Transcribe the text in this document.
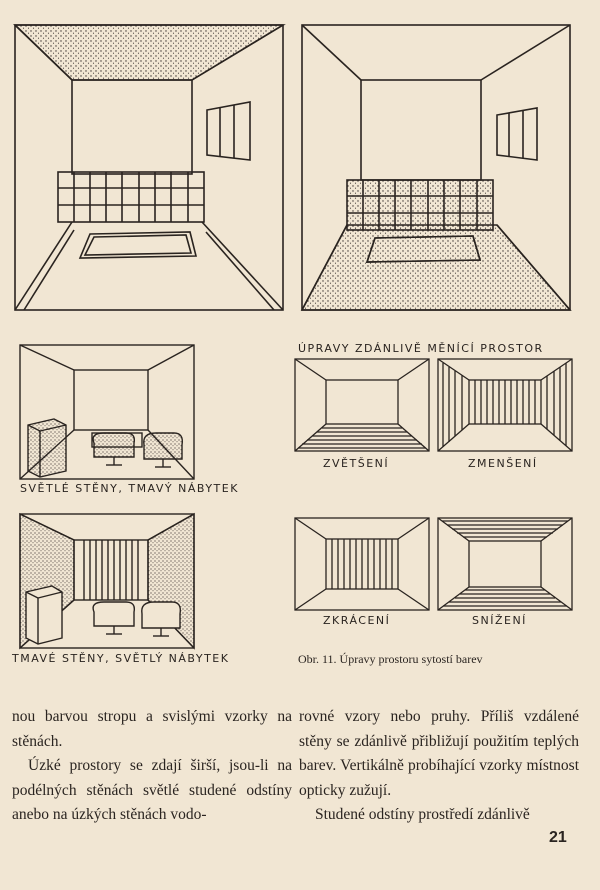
SVĚTLÉ STĚNY, TMAVÝ NÁBYTEK
TMAVÉ STĚNY, SVĚTLÝ NÁBYTEK
ÚPRAVY ZDÁNLIVĚ MĚNÍCÍ PROSTOR
ZVĚTŠENÍ	ZMENŠENÍ
ZKRÁCENÍ	SNÍŽENÍ
Obr. 11. Úpravy prostoru sytostí barev

nou barvou stropu a svislými vzorky na stěnách.

Úzké prostory se zdají širší, jsou-li na podélných stěnách světlé studené odstíny anebo na úzkých stěnách vodo-

rovné vzory nebo pruhy. Příliš vzdálené stěny se zdánlivě přibližují použitím teplých barev. Vertikálně probíhající vzorky místnost opticky zužují.

Studené odstíny prostředí zdánlivě

21
